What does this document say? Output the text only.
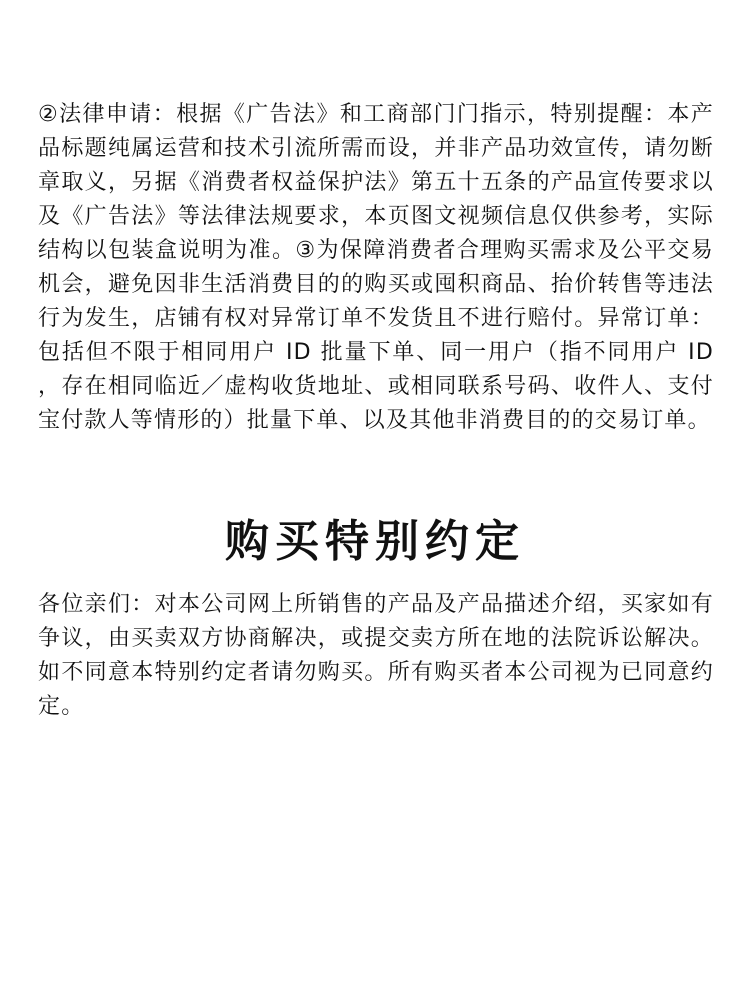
②法律申请：根据《广告法》和工商部门门指示，特别提醒：本产品标题纯属运营和技术引流所需而设，并非产品功效宣传，请勿断章取义，另据《消费者权益保护法》第五十五条的产品宣传要求以及《广告法》等法律法规要求，本页图文视频信息仅供参考，实际结构以包装盒说明为准。③为保障消费者合理购买需求及公平交易机会，避免因非生活消费目的的购买或囤积商品、抬价转售等违法行为发生，店铺有权对异常订单不发货且不进行赔付。异常订单：包括但不限于相同用户 ID 批量下单、同一用户（指不同用户 ID ，存在相同临近／虚构收货地址、或相同联系号码、收件人、支付宝付款人等情形的）批量下单、以及其他非消费目的的交易订单。

购买特别约定

各位亲们：对本公司网上所销售的产品及产品描述介绍，买家如有争议，由买卖双方协商解决，或提交卖方所在地的法院诉讼解决。如不同意本特别约定者请勿购买。所有购买者本公司视为已同意约定。
